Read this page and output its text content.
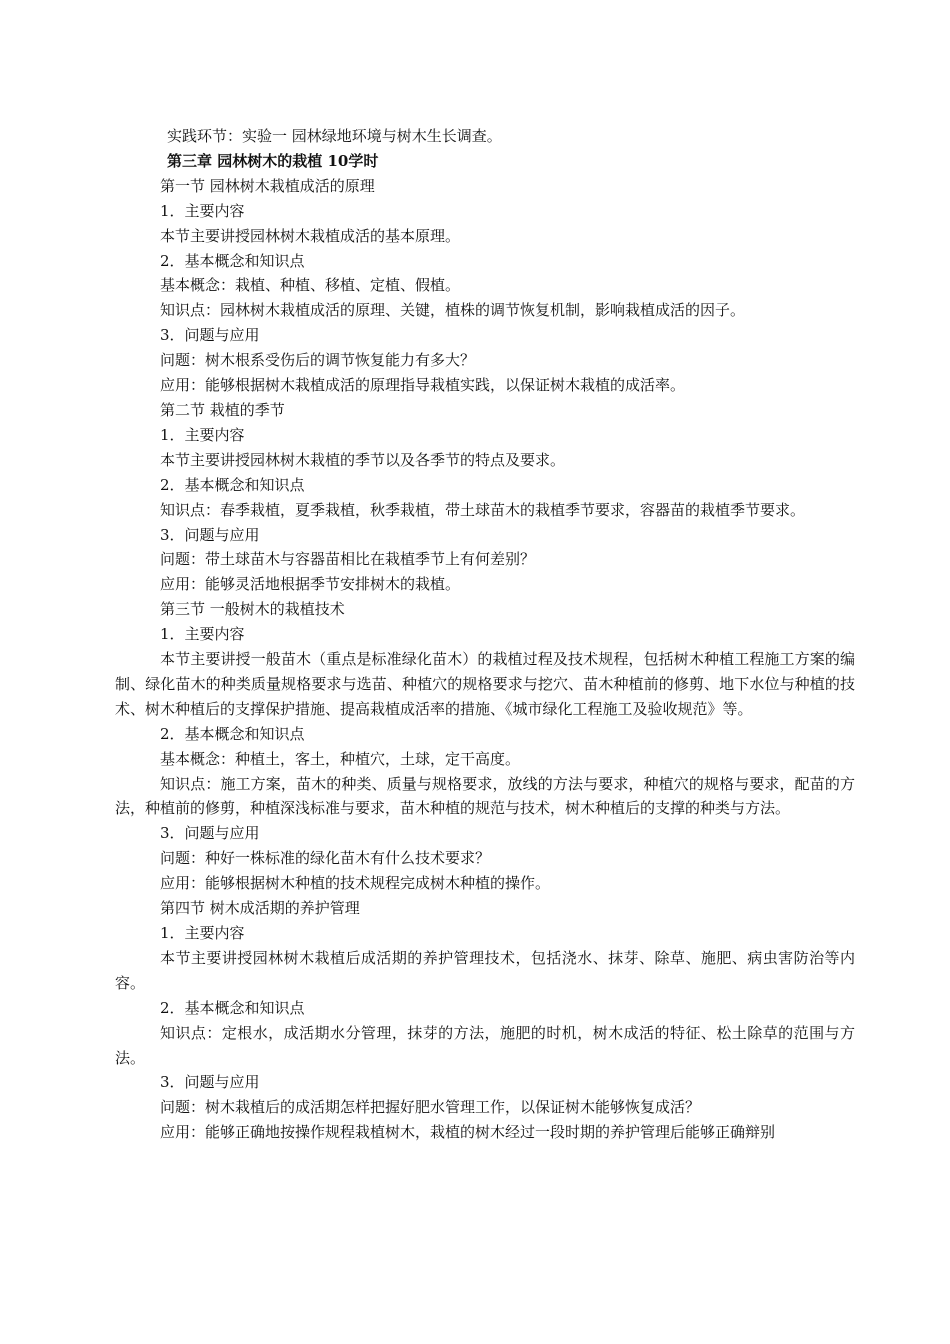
实践环节：实验一 园林绿地环境与树木生长调查。

第三章 园林树木的栽植 10学时

第一节 园林树木栽植成活的原理

1．主要内容

本节主要讲授园林树木栽植成活的基本原理。

2．基本概念和知识点

基本概念：栽植、种植、移植、定植、假植。

知识点：园林树木栽植成活的原理、关键，植株的调节恢复机制，影响栽植成活的因子。

3．问题与应用

问题：树木根系受伤后的调节恢复能力有多大？

应用：能够根据树木栽植成活的原理指导栽植实践，以保证树木栽植的成活率。

第二节 栽植的季节

1．主要内容

本节主要讲授园林树木栽植的季节以及各季节的特点及要求。

2．基本概念和知识点

知识点：春季栽植，夏季栽植，秋季栽植，带土球苗木的栽植季节要求，容器苗的栽植季节要求。

3．问题与应用

问题：带土球苗木与容器苗相比在栽植季节上有何差别？

应用：能够灵活地根据季节安排树木的栽植。

第三节 一般树木的栽植技术

1．主要内容

本节主要讲授一般苗木（重点是标准绿化苗木）的栽植过程及技术规程，包括树木种植工程施工方案的编制、绿化苗木的种类质量规格要求与选苗、种植穴的规格要求与挖穴、苗木种植前的修剪、地下水位与种植的技术、树木种植后的支撑保护措施、提高栽植成活率的措施、《城市绿化工程施工及验收规范》等。

2．基本概念和知识点

基本概念：种植土，客土，种植穴，土球，定干高度。

知识点：施工方案，苗木的种类、质量与规格要求，放线的方法与要求，种植穴的规格与要求，配苗的方法，种植前的修剪，种植深浅标准与要求，苗木种植的规范与技术，树木种植后的支撑的种类与方法。

3．问题与应用

问题：种好一株标准的绿化苗木有什么技术要求？

应用：能够根据树木种植的技术规程完成树木种植的操作。

第四节 树木成活期的养护管理

1．主要内容

本节主要讲授园林树木栽植后成活期的养护管理技术，包括浇水、抹芽、除草、施肥、病虫害防治等内容。

2．基本概念和知识点

知识点：定根水，成活期水分管理，抹芽的方法，施肥的时机，树木成活的特征、松土除草的范围与方法。

3．问题与应用

问题：树木栽植后的成活期怎样把握好肥水管理工作，以保证树木能够恢复成活？

应用：能够正确地按操作规程栽植树木，栽植的树木经过一段时期的养护管理后能够正确辩别
